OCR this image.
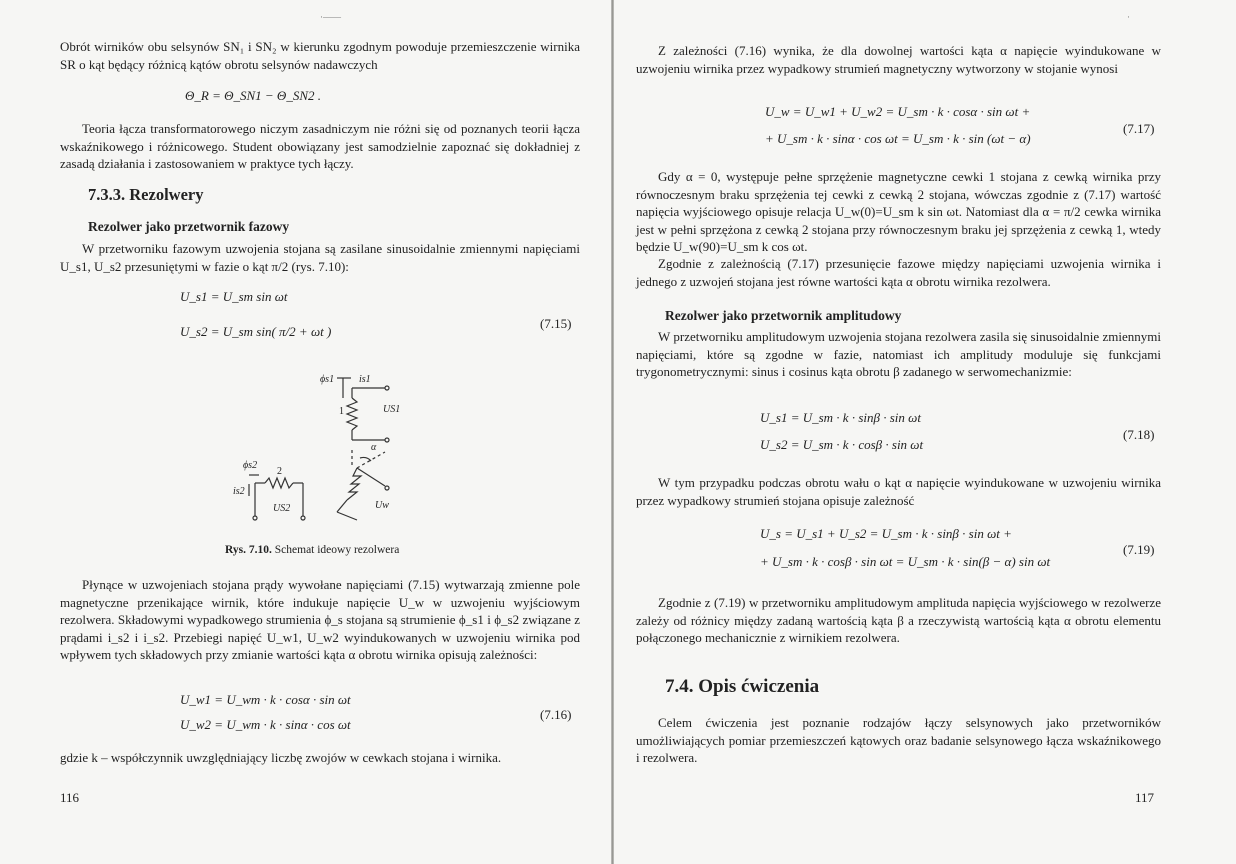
·——

Obrót wirników obu selsynów SN₁ i SN₂ w kierunku zgodnym powoduje przemieszczenie wirnika SR o kąt będący różnicą kątów obrotu selsynów nadawczych

Θ_R = Θ_SN1 − Θ_SN2 .

Teoria łącza transformatorowego niczym zasadniczym nie różni się od poznanych teorii łącza wskaźnikowego i różnicowego. Student obowiązany jest samodzielnie zapoznać się dokładniej z zasadą działania i zastosowaniem w praktyce tych łączy.

7.3.3. Rezolwery
Rezolwer jako przetwornik fazowy

W przetworniku fazowym uzwojenia stojana są zasilane sinusoidalnie zmiennymi napięciami U_s1, U_s2 przesuniętymi w fazie o kąt π/2 (rys. 7.10):

U_s1 = U_sm sin ωt
U_s2 = U_sm sin( π/2 + ωt )
(7.15)
ϕs1 is1
1	US1
α
ϕs2
2
is2
US2	Uw
Rys. 7.10. Schemat ideowy rezolwera

Płynące w uzwojeniach stojana prądy wywołane napięciami (7.15) wytwarzają zmienne pole magnetyczne przenikające wirnik, które indukuje napięcie U_w w uzwojeniu wyjściowym rezolwera. Składowymi wypadkowego strumienia ϕ_s stojana są strumienie ϕ_s1 i ϕ_s2 związane z prądami i_s2 i i_s2. Przebiegi napięć U_w1, U_w2 wyindukowanych w uzwojeniu wirnika pod wpływem tych składowych przy zmianie wartości kąta α obrotu wirnika opisują zależności:

U_w1 = U_wm · k · cosα · sin ωt
U_w2 = U_wm · k · sinα · cos ωt
(7.16)

gdzie k – współczynnik uwzględniający liczbę zwojów w cewkach stojana i wirnika.

116
·

Z zależności (7.16) wynika, że dla dowolnej wartości kąta α napięcie wyindukowane w uzwojeniu wirnika przez wypadkowy strumień magnetyczny wytworzony w stojanie wynosi

U_w = U_w1 + U_w2 = U_sm · k · cosα · sin ωt +
+ U_sm · k · sinα · cos ωt = U_sm · k · sin (ωt − α)
(7.17)

Gdy α = 0, występuje pełne sprzężenie magnetyczne cewki 1 stojana z cewką wirnika przy równoczesnym braku sprzężenia tej cewki z cewką 2 stojana, wówczas zgodnie z (7.17) wartość napięcia wyjściowego opisuje relacja U_w(0)=U_sm k sin ωt. Natomiast dla α = π/2 cewka wirnika jest w pełni sprzężona z cewką 2 stojana przy równoczesnym braku jej sprzężenia z cewką 1, wtedy będzie U_w(90)=U_sm k cos ωt.

Zgodnie z zależnością (7.17) przesunięcie fazowe między napięciami uzwojenia wirnika i jednego z uzwojeń stojana jest równe wartości kąta α obrotu wirnika rezolwera.

Rezolwer jako przetwornik amplitudowy

W przetworniku amplitudowym uzwojenia stojana rezolwera zasila się sinusoidalnie zmiennymi napięciami, które są zgodne w fazie, natomiast ich amplitudy moduluje się funkcjami trygonometrycznymi: sinus i cosinus kąta obrotu β zadanego w serwomechanizmie:

U_s1 = U_sm · k · sinβ · sin ωt
U_s2 = U_sm · k · cosβ · sin ωt
(7.18)

W tym przypadku podczas obrotu wału o kąt α napięcie wyindukowane w uzwojeniu wirnika przez wypadkowy strumień stojana opisuje zależność

U_s = U_s1 + U_s2 = U_sm · k · sinβ · sin ωt +
+ U_sm · k · cosβ · sin ωt = U_sm · k · sin(β − α) sin ωt
(7.19)

Zgodnie z (7.19) w przetworniku amplitudowym amplituda napięcia wyjściowego w rezolwerze zależy od różnicy między zadaną wartością kąta β a rzeczywistą wartością kąta α obrotu elementu połączonego mechanicznie z wirnikiem rezolwera.

7.4. Opis ćwiczenia

Celem ćwiczenia jest poznanie rodzajów łączy selsynowych jako przetworników umożliwiających pomiar przemieszczeń kątowych oraz badanie selsynowego łącza wskaźnikowego i rezolwera.

117
